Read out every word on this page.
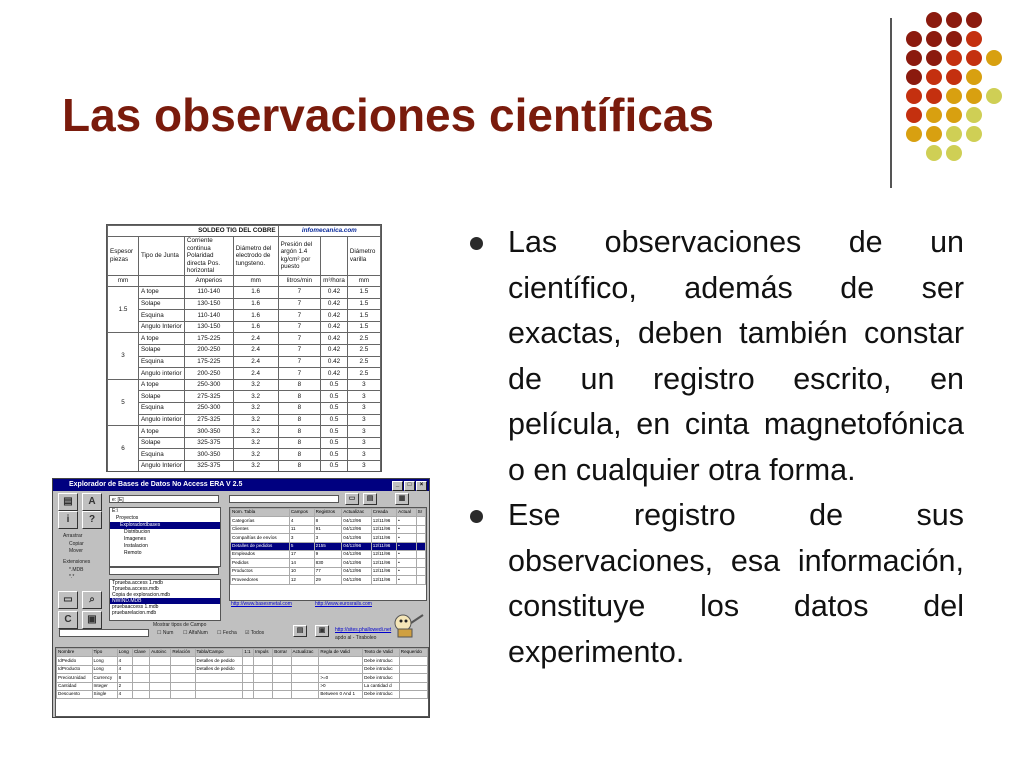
Las observaciones científicas
Las observaciones de un científico, además de ser exactas, deben también constar de un registro escrito, en película, en cinta magnetofónica o en cualquier otra forma.
Ese registro de sus observaciones, esa información, constituye los datos del experimento.
SOLDEO TIG DEL COBRE				infomecanica.com		
Espesor piezas	Tipo de Junta	Corriente continua Polaridad directa Pos. horizontal	Diámetro del electrodo de tungsteno.	Presión del argón 1.4 kg/cm² por puesto		Diámetro varilla
mm		Amperios	mm	litros/min	m³/hora	mm
1.5	A tope	110-140	1.6	7	0.42	1.5
	Solape	130-150	1.6	7	0.42	1.5
	Esquina	110-140	1.6	7	0.42	1.5
	Angulo Interior	130-150	1.6	7	0.42	1.5
3	A tope	175-225	2.4	7	0.42	2.5
	Solape	200-250	2.4	7	0.42	2.5
	Esquina	175-225	2.4	7	0.42	2.5
	Angulo interior	200-250	2.4	7	0.42	2.5
5	A tope	250-300	3.2	8	0.5	3
	Solape	275-325	3.2	8	0.5	3
	Esquina	250-300	3.2	8	0.5	3
	Angulo interior	275-325	3.2	8	0.5	3
6	A tope	300-350	3.2	8	0.5	3
	Solape	325-375	3.2	8	0.5	3
	Esquina	300-350	3.2	8	0.5	3
	Angulo Interior	325-375	3.2	8	0.5	3
Explorador de Bases de Datos No Access ERA V 2.5	_	□	×
▤	A
i	?
Arrastrar
Copiar
Mover
Extensiones
*.MDB
*.*
▭	⌕
C	▣
e: [E]
E:\
Proyectos
Exploradordbases
Distribucion
Imagenes
Instalacion
Remoto
Tprueba.access 1.mdb
Tprueba.access.mdb
Copia de exploracion.mdb
NWIND.MDB
pruebaaccess 1.mdb
pruebarelacion.mdb
▭	▤	▦
Nom. Tabla	Campos	Registros	Actualizac	Creada	Actual	Sr
Categorías	4	8	04/12/96	12/11/96	•	
Clientes	11	91	04/12/96	12/11/96	•	
Compañías de envíos	3	3	04/12/96	12/11/96	•	
Detalles de pedidos	5	2155	04/12/96	12/11/96	•	
Empleados	17	9	04/12/96	12/11/96	•	
Pedidos	14	830	04/12/96	12/11/96	•	
Productos	10	77	04/12/96	12/11/96	•	
Proveedores	12	29	04/12/96	12/11/96	•	
http://www.basesmetal.com	http://www.eurosrails.com
Mostrar tipos de Campo
☐ Num ☐ AlfaNum ☐ Fecha ☑ Todos	▤	▣	http://sites.phallowedi.net
apdo al - Tiraboleo
Nombre	Tipo	Long	Clave	Autoinc	Relación	Tabla/Campo	1:1	Impuls	Borrar	Actualizac	Regla de Valid	Texto de Valid	Requerido
IdPedido	Long	4				Detalles de pedido						Debe introduc	
IdProducto	Long	4				Detalles de pedido						Debe introduc	
PrecioUnidad	Currency	8									>=0	Debe introduc	
Cantidad	Integer	2									>0	La cantidad d	
Descuento	Single	4									Between 0 And 1	Debe introduc	
